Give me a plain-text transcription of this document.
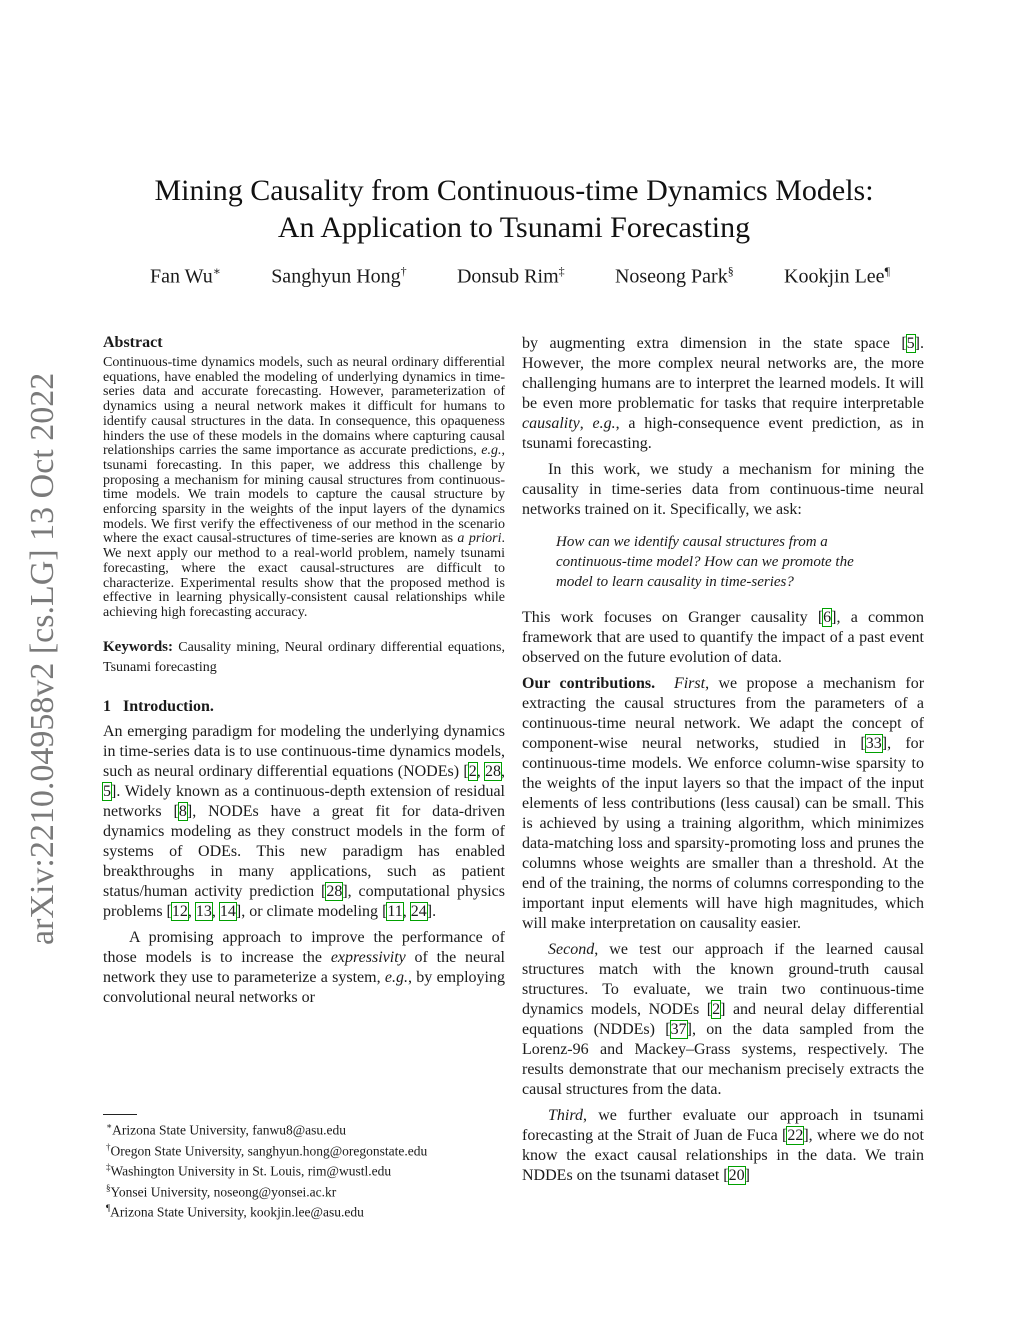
arXiv:2210.04958v2 [cs.LG] 13 Oct 2022
Mining Causality from Continuous-time Dynamics Models:
An Application to Tsunami Forecasting
Fan Wu∗	Sanghyun Hong†	Donsub Rim‡	Noseong Park§	Kookjin Lee¶
Abstract
Continuous-time dynamics models, such as neural ordinary differential equations, have enabled the modeling of underlying dynamics in time-series data and accurate forecasting. However, parameterization of dynamics using a neural network makes it difficult for humans to identify causal structures in the data. In consequence, this opaqueness hinders the use of these models in the domains where capturing causal relationships carries the same importance as accurate predictions, e.g., tsunami forecasting. In this paper, we address this challenge by proposing a mechanism for mining causal structures from continuous-time models. We train models to capture the causal structure by enforcing sparsity in the weights of the input layers of the dynamics models. We first verify the effectiveness of our method in the scenario where the exact causal-structures of time-series are known as a priori. We next apply our method to a real-world problem, namely tsunami forecasting, where the exact causal-structures are difficult to characterize. Experimental results show that the proposed method is effective in learning physically-consistent causal relationships while achieving high forecasting accuracy.
Keywords: Causality mining, Neural ordinary differential equations, Tsunami forecasting
1 Introduction.

An emerging paradigm for modeling the underlying dynamics in time-series data is to use continuous-time dynamics models, such as neural ordinary differential equations (NODEs) [2, 28, 5]. Widely known as a continuous-depth extension of residual networks [8], NODEs have a great fit for data-driven dynamics modeling as they construct models in the form of systems of ODEs. This new paradigm has enabled breakthroughs in many applications, such as patient status/human activity prediction [28], computational physics problems [12, 13, 14], or climate modeling [11, 24].

A promising approach to improve the performance of those models is to increase the expressivity of the neural network they use to parameterize a system, e.g., by employing convolutional neural networks or

by augmenting extra dimension in the state space [5]. However, the more complex neural networks are, the more challenging humans are to interpret the learned models. It will be even more problematic for tasks that require interpretable causality, e.g., a high-consequence event prediction, as in tsunami forecasting.

In this work, we study a mechanism for mining the causality in time-series data from continuous-time neural networks trained on it. Specifically, we ask:

How can we identify causal structures from a continuous-time model? How can we promote the model to learn causality in time-series?

This work focuses on Granger causality [6], a common framework that are used to quantify the impact of a past event observed on the future evolution of data.

Our contributions. First, we propose a mechanism for extracting the causal structures from the parameters of a continuous-time neural network. We adapt the concept of component-wise neural networks, studied in [33], for continuous-time models. We enforce column-wise sparsity to the weights of the input layers so that the impact of the input elements of less contributions (less causal) can be small. This is achieved by using a training algorithm, which minimizes data-matching loss and sparsity-promoting loss and prunes the columns whose weights are smaller than a threshold. At the end of the training, the norms of columns corresponding to the important input elements will have high magnitudes, which will make interpretation on causality easier.

Second, we test our approach if the learned causal structures match with the known ground-truth causal structures. To evaluate, we train two continuous-time dynamics models, NODEs [2] and neural delay differential equations (NDDEs) [37], on the data sampled from the Lorenz-96 and Mackey–Grass systems, respectively. The results demonstrate that our mechanism precisely extracts the causal structures from the data.

Third, we further evaluate our approach in tsunami forecasting at the Strait of Juan de Fuca [22], where we do not know the exact causal relationships in the data. We train NDDEs on the tsunami dataset [20]

∗Arizona State University, fanwu8@asu.edu
†Oregon State University, sanghyun.hong@oregonstate.edu
‡Washington University in St. Louis, rim@wustl.edu
§Yonsei University, noseong@yonsei.ac.kr
¶Arizona State University, kookjin.lee@asu.edu
